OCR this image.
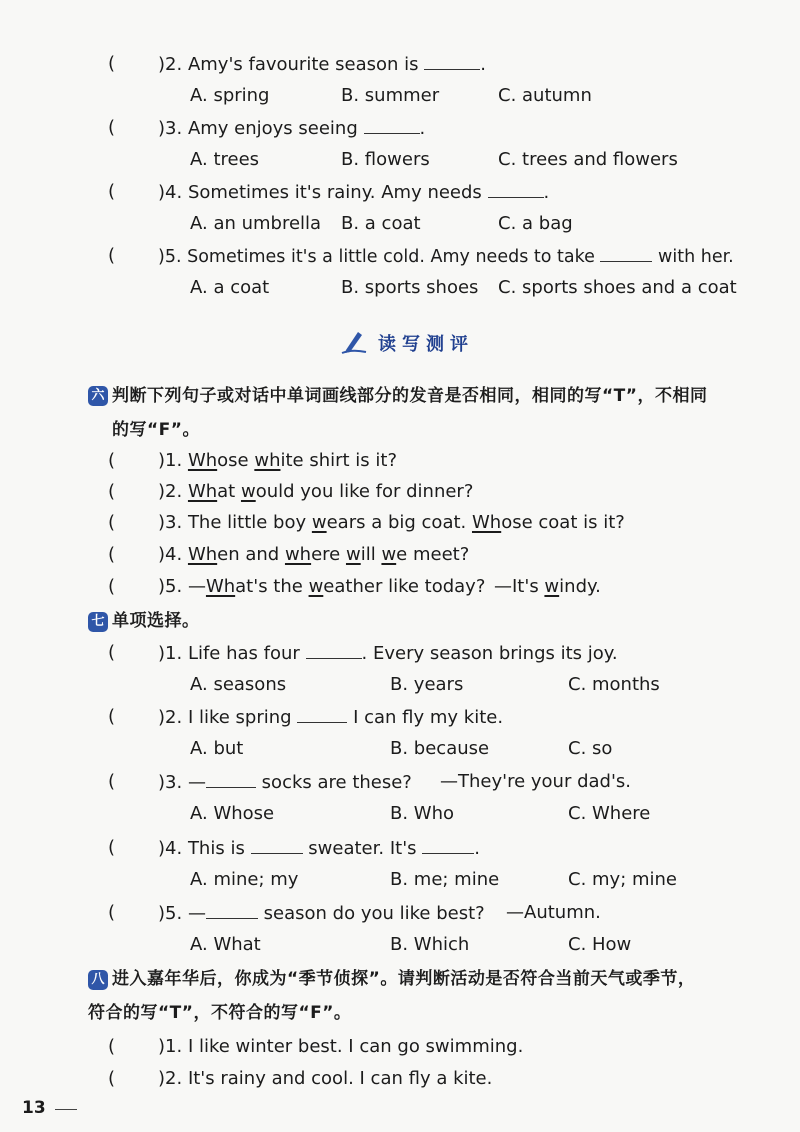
( )2. Amy's favourite season is	.
A. spring	B. summer	C. autumn
( )3. Amy enjoys seeing	.
A. trees	B. flowers	C. trees and flowers
( )4. Sometimes it's rainy. Amy needs	.
A. an umbrella B. a coat	C. a bag
( )5. Sometimes it's a little cold. Amy needs to take	with her.
A. a coat	B. sports shoes C. sports shoes and a coat
读写测评
六 判断下列句子或对话中单词画线部分的发音是否相同，相同的写“T”，不相同
的写“F”。
( )1. Whose white shirt is it?
( )2. What would you like for dinner?
( )3. The little boy wears a big coat. Whose coat is it?
( )4. When and where will we meet?
( )5. —What's the weather like today? —It's windy.
七 单项选择。
( )1. Life has four	. Every season brings its joy.
A. seasons	B. years	C. months
( )2. I like spring	I can fly my kite.
A. but	B. because	C. so
( )3. —	socks are these? —They're your dad's.
A. Whose	B. Who	C. Where
( )4. This is	sweater. It's	.
A. mine; my	B. me; mine	C. my; mine
( )5. —	season do you like best? —Autumn.
A. What	B. Which	C. How
八 进入嘉年华后，你成为“季节侦探”。请判断活动是否符合当前天气或季节，
符合的写“T”，不符合的写“F”。
( )1. I like winter best. I can go swimming.
( )2. It's rainy and cool. I can fly a kite.
13
